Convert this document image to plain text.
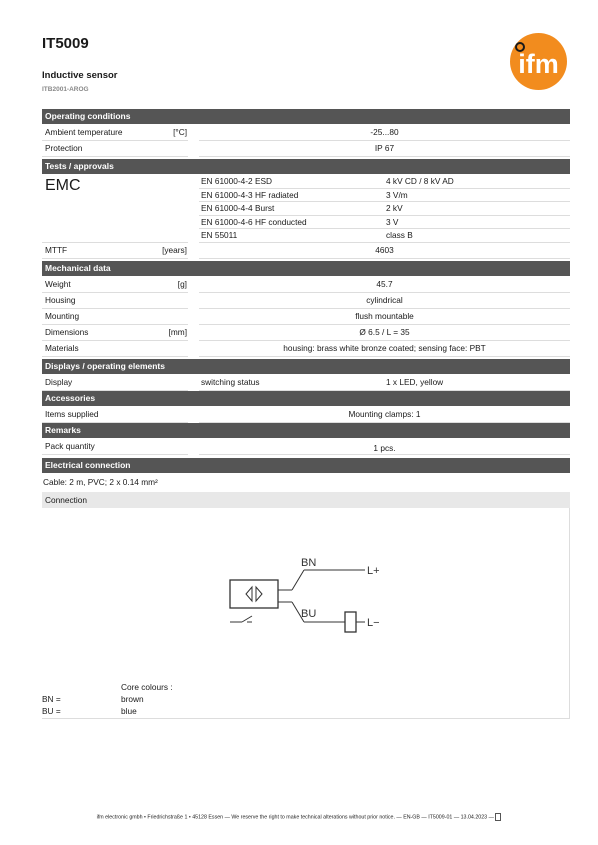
IT5009
Inductive sensor
ITB2001-AROG
ifm
Operating conditions
Ambient temperature	[°C]	-25...80
Protection	IP 67
Tests / approvals
EMC	EN 61000-4-2 ESD	4 kV CD / 8 kV AD
EN 61000-4-3 HF radiated	3 V/m
EN 61000-4-4 Burst	2 kV
EN 61000-4-6 HF conducted	3 V
EN 55011	class B
MTTF	[years]	4603
Mechanical data
Weight	[g]	45.7
Housing	cylindrical
Mounting	flush mountable
Dimensions	[mm]	Ø 6.5 / L = 35
Materials	housing: brass white bronze coated; sensing face: PBT
Displays / operating elements
Display	switching status	1 x LED, yellow
Accessories
Items supplied	Mounting clamps: 1
Remarks
Pack quantity	1 pcs.
Electrical connection
Cable: 2 m, PVC; 2 x 0.14 mm²
Connection
BN
BU
L+
L−
Core colours :
BN =	brown
BU =	blue
ifm electronic gmbh • Friedrichstraße 1 • 45128 Essen — We reserve the right to make technical alterations without prior notice. — EN-GB — IT5009-01 — 13.04.2023 —
